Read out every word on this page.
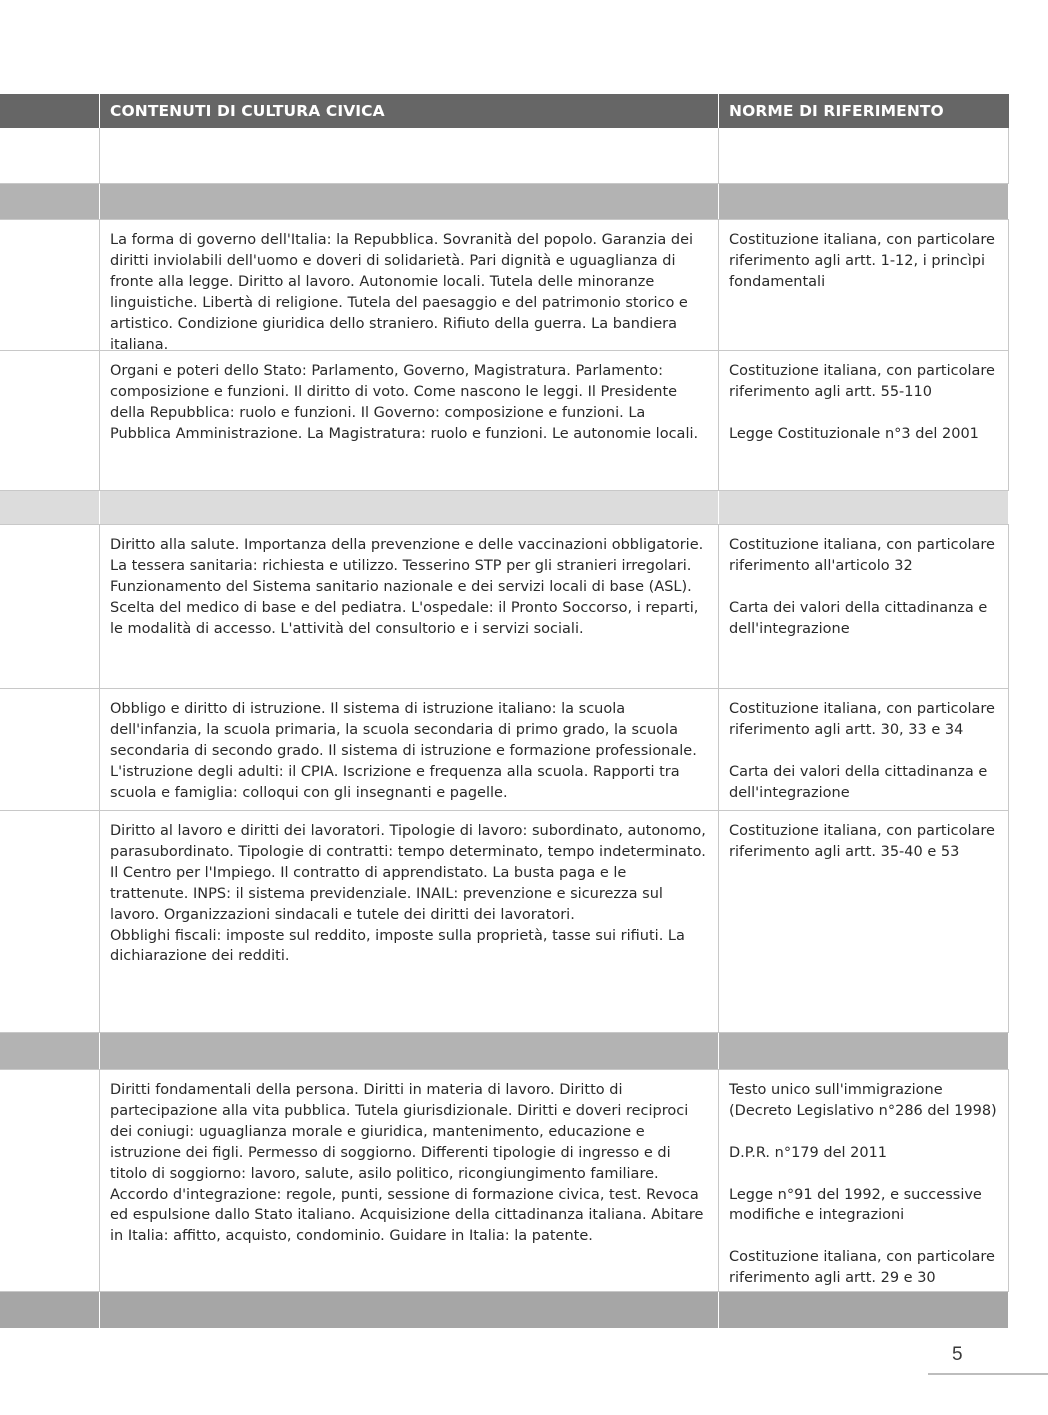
CONTENUTI DI CULTURA CIVICA	NORME DI RIFERIMENTO

La forma di governo dell'Italia: la Repubblica. Sovranità del popolo. Garanzia dei diritti inviolabili dell'uomo e doveri di solidarietà. Pari dignità e uguaglianza di fronte alla legge. Diritto al lavoro. Autonomie locali. Tutela delle minoranze linguistiche. Libertà di religione. Tutela del paesaggio e del patrimonio storico e artistico. Condizione giuridica dello straniero. Rifiuto della guerra. La bandiera italiana.

Costituzione italiana, con particolare riferimento agli artt. 1-12, i princìpi fondamentali

Organi e poteri dello Stato: Parlamento, Governo, Magistratura. Parlamento: composizione e funzioni. Il diritto di voto. Come nascono le leggi. Il Presidente della Repubblica: ruolo e funzioni. Il Governo: composizione e funzioni. La Pubblica Amministrazione. La Magistratura: ruolo e funzioni. Le autonomie locali.

Costituzione italiana, con particolare riferimento agli artt. 55-110

Legge Costituzionale n°3 del 2001

Diritto alla salute. Importanza della prevenzione e delle vaccinazioni obbligatorie. La tessera sanitaria: richiesta e utilizzo. Tesserino STP per gli stranieri irregolari. Funzionamento del Sistema sanitario nazionale e dei servizi locali di base (ASL). Scelta del medico di base e del pediatra. L'ospedale: il Pronto Soccorso, i reparti, le modalità di accesso. L'attività del consultorio e i servizi sociali.

Costituzione italiana, con particolare riferimento all'articolo 32

Carta dei valori della cittadinanza e dell'integrazione

Obbligo e diritto di istruzione. Il sistema di istruzione italiano: la scuola dell'infanzia, la scuola primaria, la scuola secondaria di primo grado, la scuola secondaria di secondo grado. Il sistema di istruzione e formazione professionale. L'istruzione degli adulti: il CPIA. Iscrizione e frequenza alla scuola. Rapporti tra scuola e famiglia: colloqui con gli insegnanti e pagelle.

Costituzione italiana, con particolare riferimento agli artt. 30, 33 e 34

Carta dei valori della cittadinanza e dell'integrazione

Diritto al lavoro e diritti dei lavoratori. Tipologie di lavoro: subordinato, autonomo, parasubordinato. Tipologie di contratti: tempo determinato, tempo indeterminato. Il Centro per l'Impiego. Il contratto di apprendistato. La busta paga e le trattenute. INPS: il sistema previdenziale. INAIL: prevenzione e sicurezza sul lavoro. Organizzazioni sindacali e tutele dei diritti dei lavoratori.

Obblighi fiscali: imposte sul reddito, imposte sulla proprietà, tasse sui rifiuti. La dichiarazione dei redditi.

Costituzione italiana, con particolare riferimento agli artt. 35-40 e 53

Diritti fondamentali della persona. Diritti in materia di lavoro. Diritto di partecipazione alla vita pubblica. Tutela giurisdizionale. Diritti e doveri reciproci dei coniugi: uguaglianza morale e giuridica, mantenimento, educazione e istruzione dei figli. Permesso di soggiorno. Differenti tipologie di ingresso e di titolo di soggiorno: lavoro, salute, asilo politico, ricongiungimento familiare. Accordo d'integrazione: regole, punti, sessione di formazione civica, test. Revoca ed espulsione dallo Stato italiano. Acquisizione della cittadinanza italiana. Abitare in Italia: affitto, acquisto, condominio. Guidare in Italia: la patente.

Testo unico sull'immigrazione (Decreto Legislativo n°286 del 1998)

D.P.R. n°179 del 2011

Legge n°91 del 1992, e successive modifiche e integrazioni

Costituzione italiana, con particolare riferimento agli artt. 29 e 30

5
